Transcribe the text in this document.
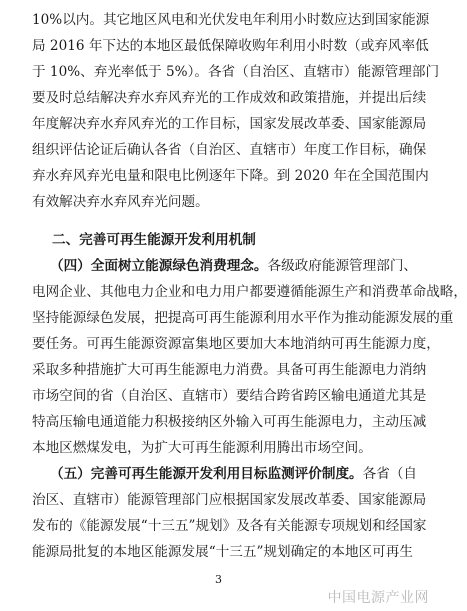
10%以内。其它地区风电和光伏发电年利用小时数应达到国家能源
局 2016 年下达的本地区最低保障收购年利用小时数（或弃风率低
于 10%、弃光率低于 5%）。各省（自治区、直辖市）能源管理部门
要及时总结解决弃水弃风弃光的工作成效和政策措施，并提出后续
年度解决弃水弃风弃光的工作目标，国家发展改革委、国家能源局
组织评估论证后确认各省（自治区、直辖市）年度工作目标，确保
弃水弃风弃光电量和限电比例逐年下降。到 2020 年在全国范围内
有效解决弃水弃风弃光问题。
二、完善可再生能源开发利用机制
（四）全面树立能源绿色消费理念。各级政府能源管理部门、
电网企业、其他电力企业和电力用户都要遵循能源生产和消费革命战略，
坚持能源绿色发展，把提高可再生能源利用水平作为推动能源发展的重
要任务。可再生能源资源富集地区要加大本地消纳可再生能源力度，
采取多种措施扩大可再生能源电力消费。具备可再生能源电力消纳
市场空间的省（自治区、直辖市）要结合跨省跨区输电通道尤其是
特高压输电通道能力积极接纳区外输入可再生能源电力，主动压减
本地区燃煤发电，为扩大可再生能源利用腾出市场空间。
（五）完善可再生能源开发利用目标监测评价制度。各省（自
治区、直辖市）能源管理部门应根据国家发展改革委、国家能源局
发布的《能源发展“十三五”规划》及各有关能源专项规划和经国家
能源局批复的本地区能源发展“十三五”规划确定的本地区可再生
3
中国电源产业网
